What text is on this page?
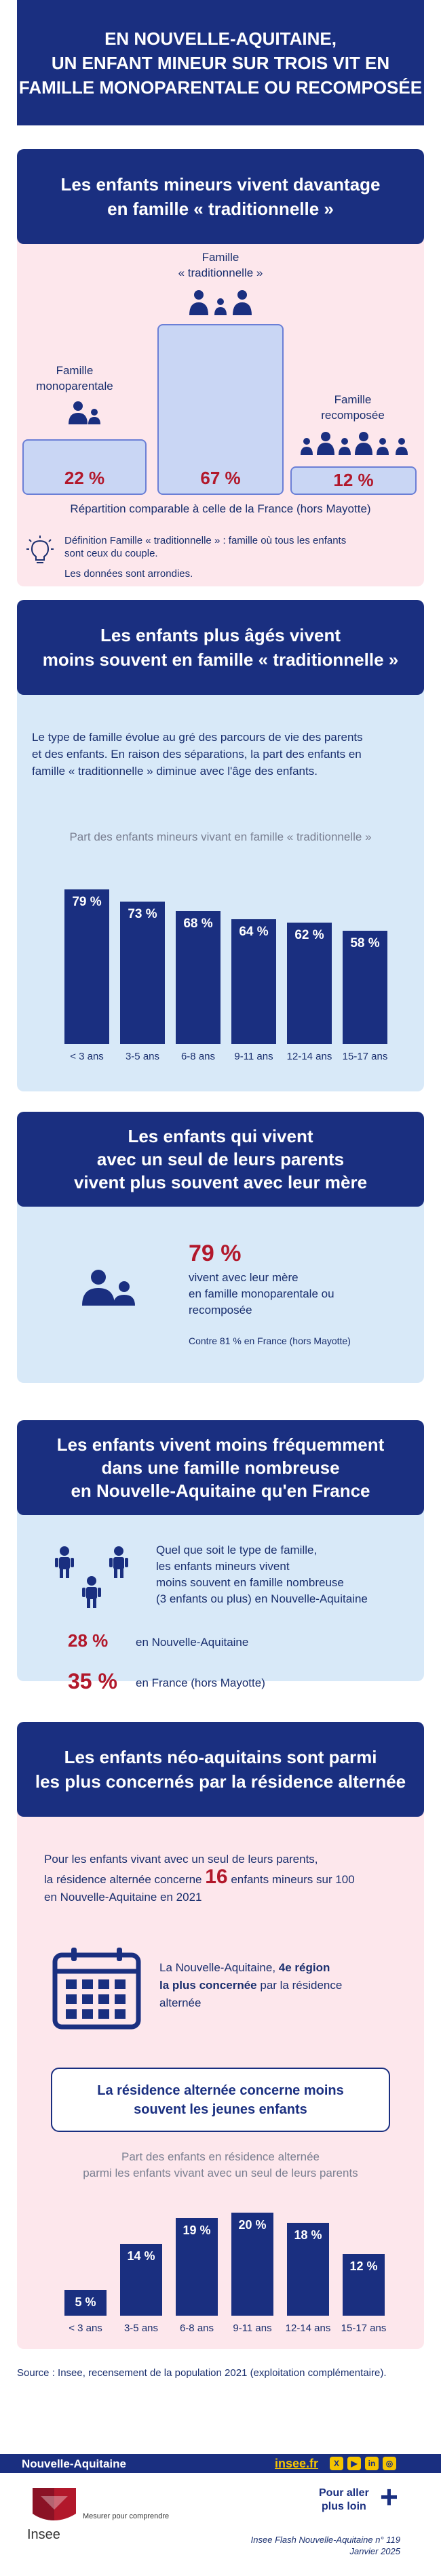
EN NOUVELLE-AQUITAINE,
UN ENFANT MINEUR SUR TROIS VIT EN
FAMILLE MONOPARENTALE OU RECOMPOSÉE
Les enfants mineurs vivent davantage
en famille « traditionnelle »
Famille
monoparentale
Famille
« traditionnelle »
Famille
recomposée
22 %	67 %	12 %
Répartition comparable à celle de la France (hors Mayotte)
Définition Famille « traditionnelle » : famille où tous les enfants
sont ceux du couple.
Les données sont arrondies.
Les enfants plus âgés vivent
moins souvent en famille « traditionnelle »
Le type de famille évolue au gré des parcours de vie des parents
et des enfants. En raison des séparations, la part des enfants en
famille « traditionnelle » diminue avec l'âge des enfants.
Part des enfants mineurs vivant en famille « traditionnelle »
79 %
< 3 ans
73 %
3-5 ans
68 %
6-8 ans
64 %
9-11 ans
62 %
12-14 ans
58 %
15-17 ans
Les enfants qui vivent
avec un seul de leurs parents
vivent plus souvent avec leur mère
79 %
vivent avec leur mère
en famille monoparentale ou
recomposée
Contre 81 % en France (hors Mayotte)
Les enfants vivent moins fréquemment
dans une famille nombreuse
en Nouvelle-Aquitaine qu'en France
Quel que soit le type de famille,
les enfants mineurs vivent
moins souvent en famille nombreuse
(3 enfants ou plus) en Nouvelle-Aquitaine
28 % en Nouvelle-Aquitaine
35 % en France (hors Mayotte)
Les enfants néo-aquitains sont parmi
les plus concernés par la résidence alternée
Pour les enfants vivant avec un seul de leurs parents,
la résidence alternée concerne 16 enfants mineurs sur 100
en Nouvelle-Aquitaine en 2021
La Nouvelle-Aquitaine, 4e région
la plus concernée par la résidence
alternée
La résidence alternée concerne moins
souvent les jeunes enfants
Part des enfants en résidence alternée
parmi les enfants vivant avec un seul de leurs parents
5 %
< 3 ans
14 %
3-5 ans
19 %
6-8 ans
20 %
9-11 ans
18 %
12-14 ans
12 %
15-17 ans
Source : Insee, recensement de la population 2021 (exploitation complémentaire).
Nouvelle-Aquitaine	insee.fr	X ▶ in ◎
Insee
Mesurer pour comprendre
Pour aller
plus loin +
Insee Flash Nouvelle-Aquitaine n° 119
Janvier 2025
